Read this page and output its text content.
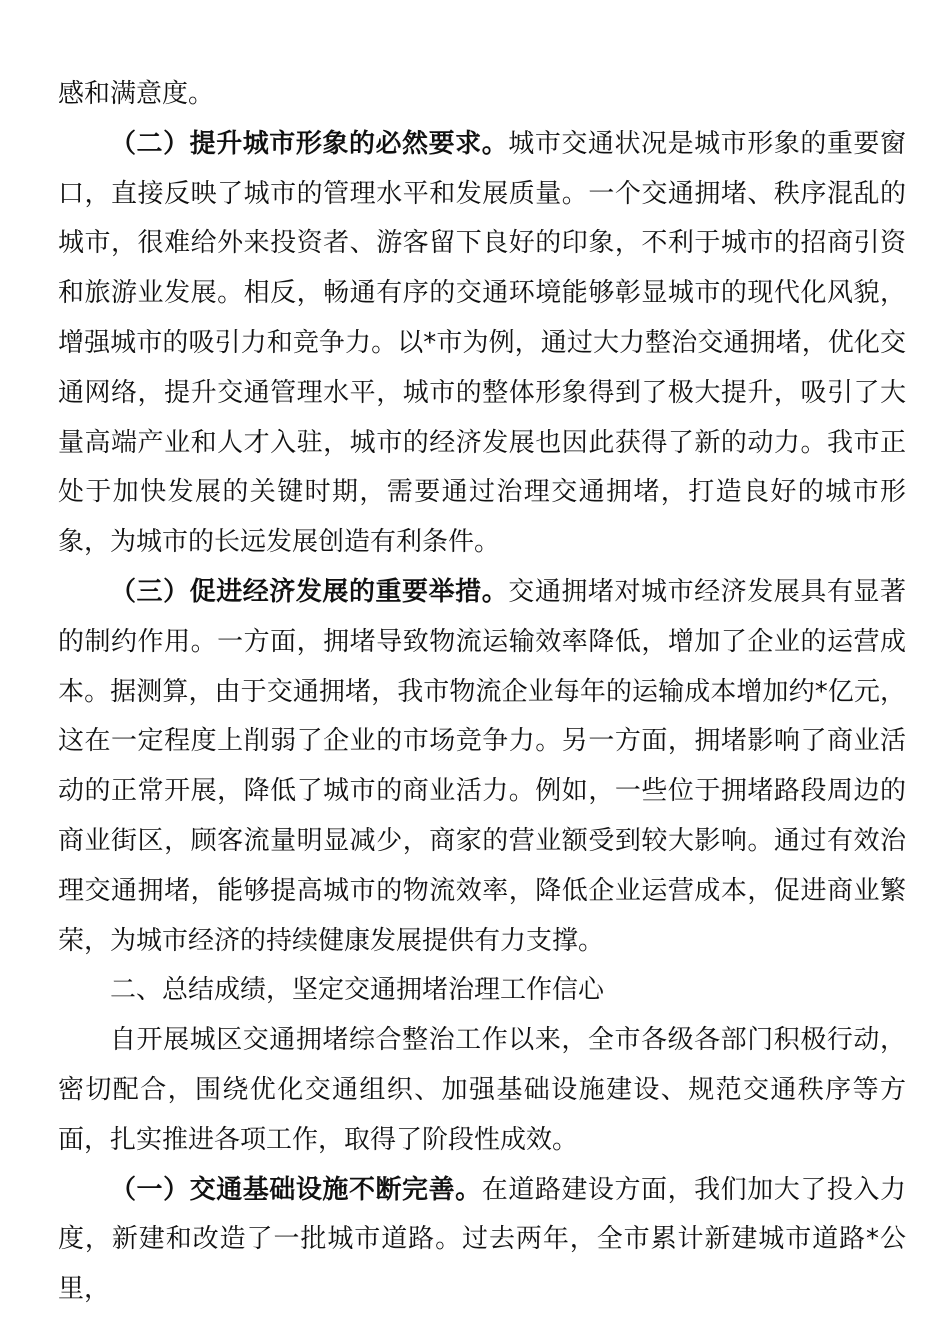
感和满意度。

（二）提升城市形象的必然要求。城市交通状况是城市形象的重要窗口，直接反映了城市的管理水平和发展质量。一个交通拥堵、秩序混乱的城市，很难给外来投资者、游客留下良好的印象，不利于城市的招商引资和旅游业发展。相反，畅通有序的交通环境能够彰显城市的现代化风貌，增强城市的吸引力和竞争力。以*市为例，通过大力整治交通拥堵，优化交通网络，提升交通管理水平，城市的整体形象得到了极大提升，吸引了大量高端产业和人才入驻，城市的经济发展也因此获得了新的动力。我市正处于加快发展的关键时期，需要通过治理交通拥堵，打造良好的城市形象，为城市的长远发展创造有利条件。

（三）促进经济发展的重要举措。交通拥堵对城市经济发展具有显著的制约作用。一方面，拥堵导致物流运输效率降低，增加了企业的运营成本。据测算，由于交通拥堵，我市物流企业每年的运输成本增加约*亿元，这在一定程度上削弱了企业的市场竞争力。另一方面，拥堵影响了商业活动的正常开展，降低了城市的商业活力。例如，一些位于拥堵路段周边的商业街区，顾客流量明显减少，商家的营业额受到较大影响。通过有效治理交通拥堵，能够提高城市的物流效率，降低企业运营成本，促进商业繁荣，为城市经济的持续健康发展提供有力支撑。

二、总结成绩，坚定交通拥堵治理工作信心

自开展城区交通拥堵综合整治工作以来，全市各级各部门积极行动，密切配合，围绕优化交通组织、加强基础设施建设、规范交通秩序等方面，扎实推进各项工作，取得了阶段性成效。

（一）交通基础设施不断完善。在道路建设方面，我们加大了投入力度，新建和改造了一批城市道路。过去两年，全市累计新建城市道路*公里，
